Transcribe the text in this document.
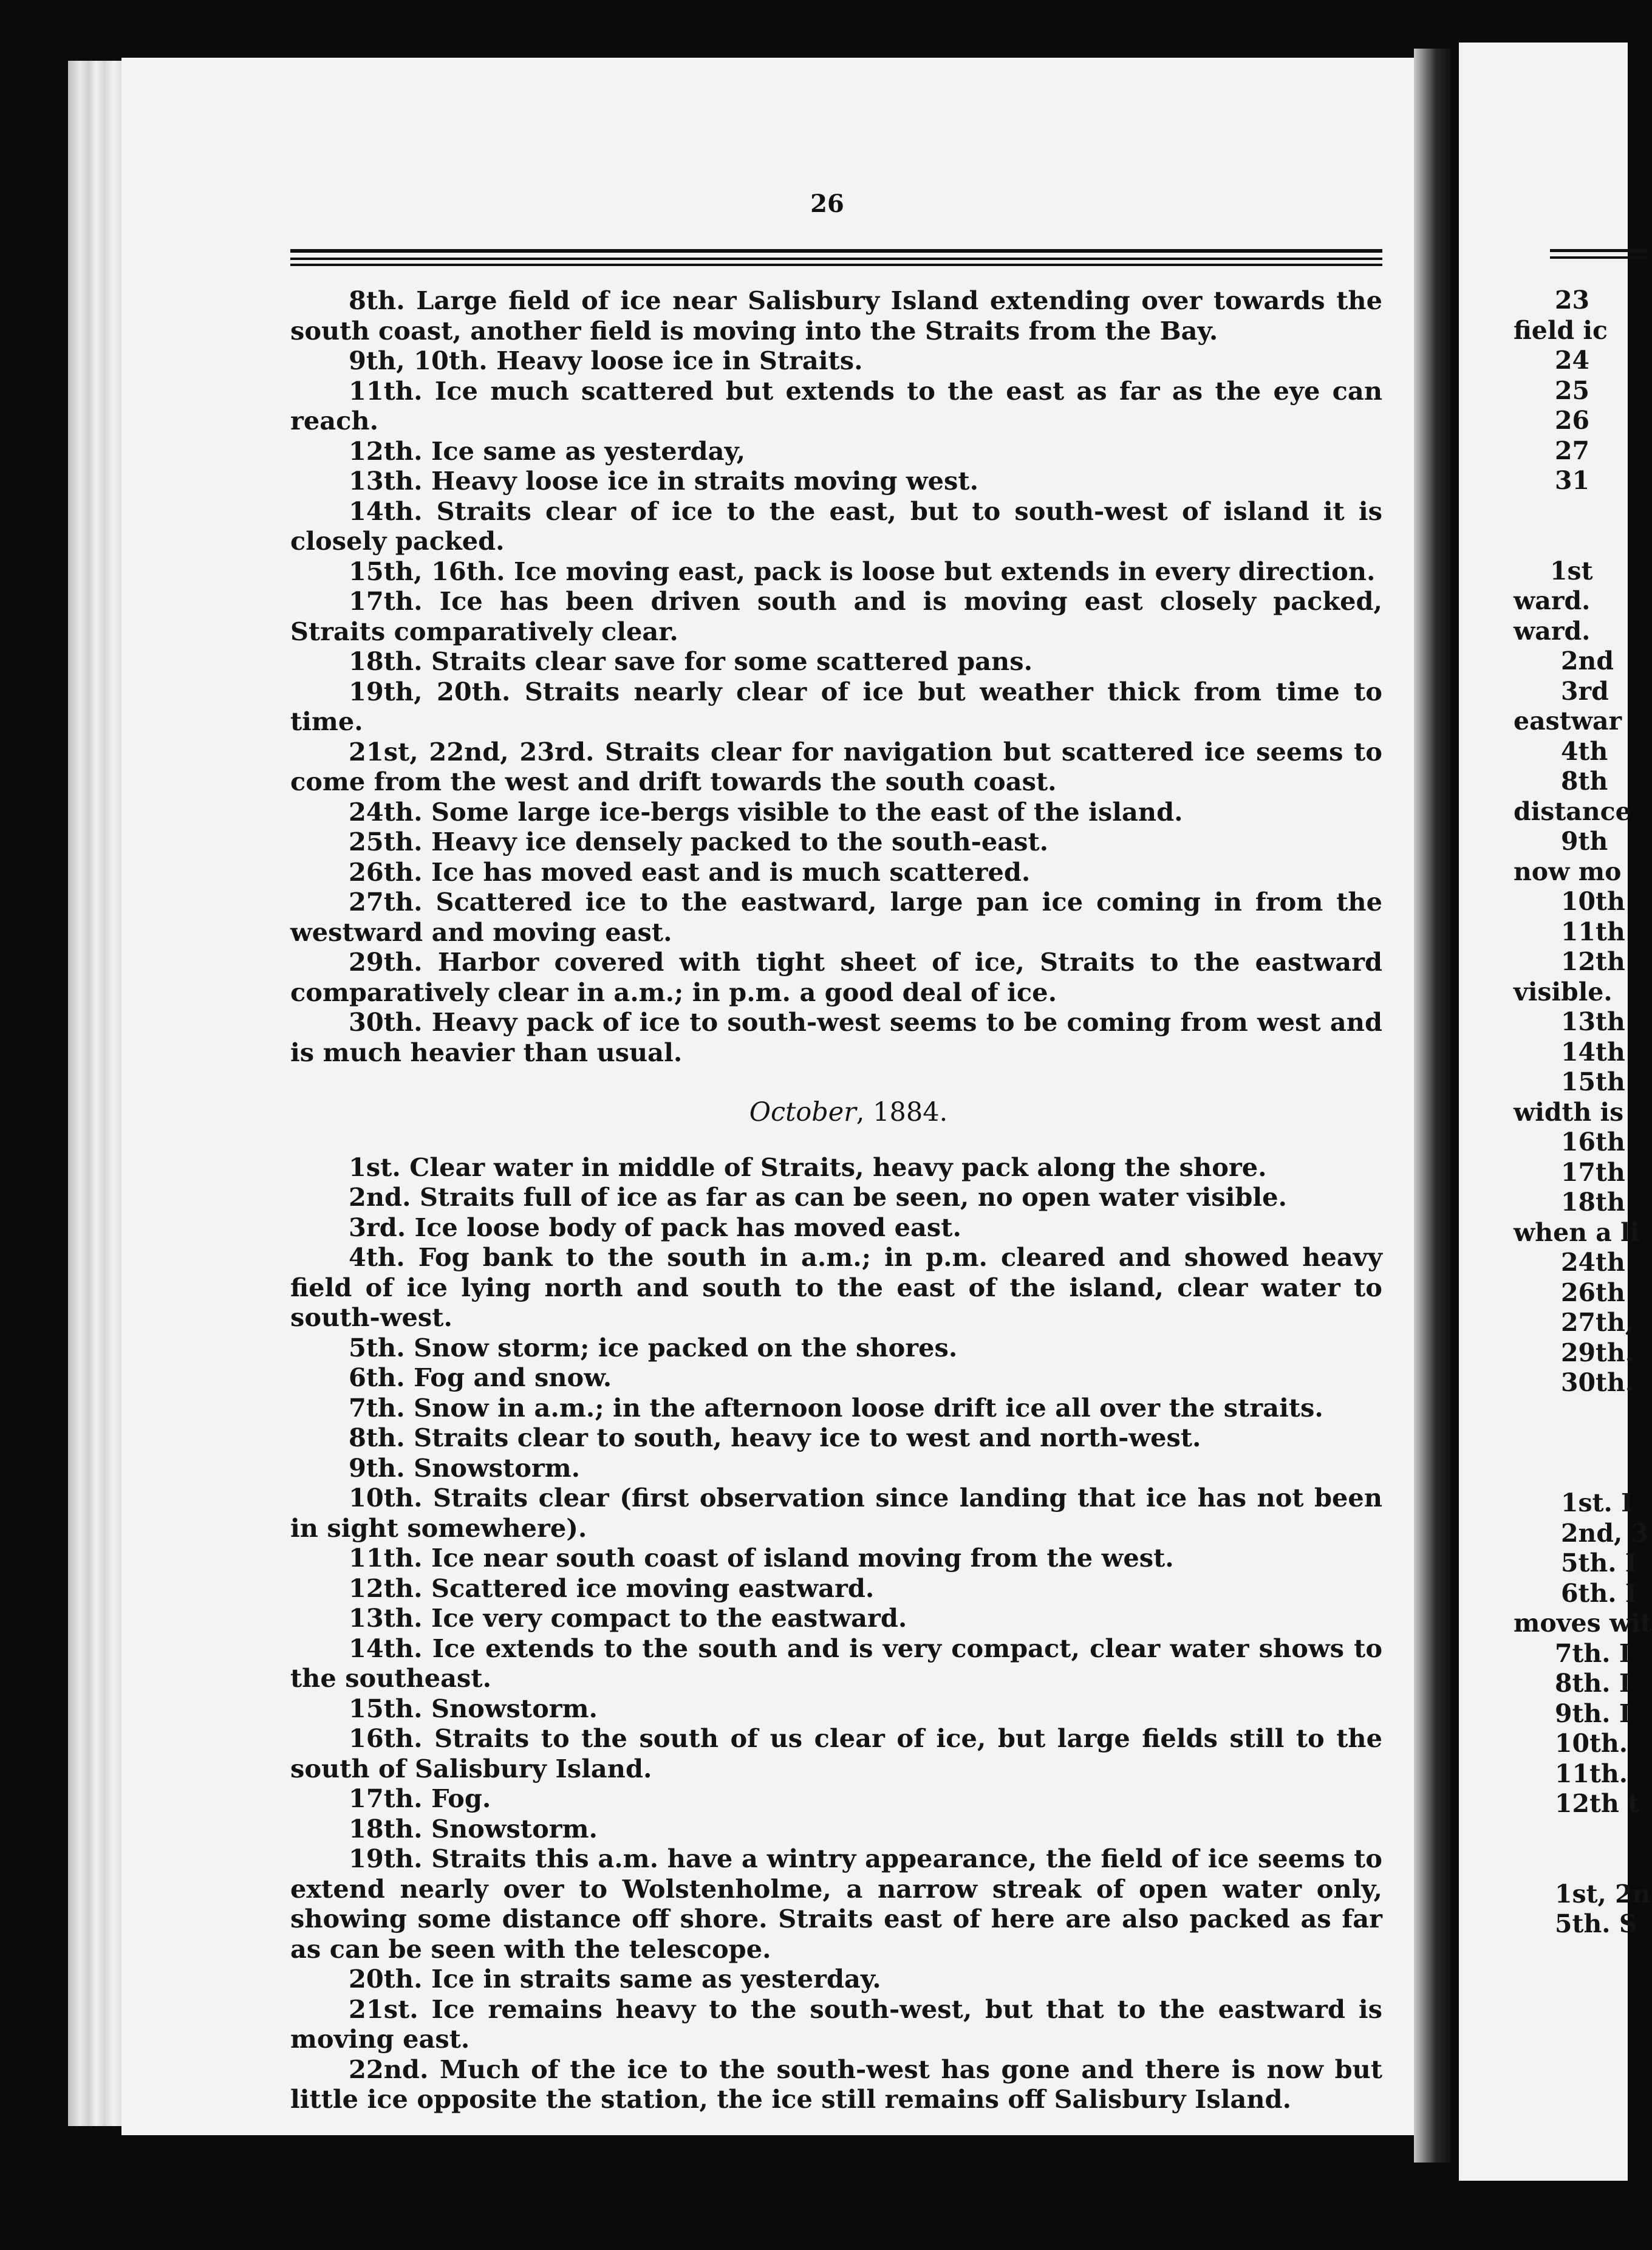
26

8th. Large field of ice near Salisbury Island extending over towards the south coast, another field is moving into the Straits from the Bay.

9th, 10th. Heavy loose ice in Straits.

11th. Ice much scattered but extends to the east as far as the eye can reach.

12th. Ice same as yesterday,

13th. Heavy loose ice in straits moving west.

14th. Straits clear of ice to the east, but to south-west of island it is closely packed.

15th, 16th. Ice moving east, pack is loose but extends in every direction.

17th. Ice has been driven south and is moving east closely packed, Straits comparatively clear.

18th. Straits clear save for some scattered pans.

19th, 20th. Straits nearly clear of ice but weather thick from time to time.

21st, 22nd, 23rd. Straits clear for navigation but scattered ice seems to come from the west and drift towards the south coast.

24th. Some large ice-bergs visible to the east of the island.

25th. Heavy ice densely packed to the south-east.

26th. Ice has moved east and is much scattered.

27th. Scattered ice to the eastward, large pan ice coming in from the westward and moving east.

29th. Harbor covered with tight sheet of ice, Straits to the eastward comparatively clear in a.m.; in p.m. a good deal of ice.

30th. Heavy pack of ice to south-west seems to be coming from west and is much heavier than usual.

October, 1884.

1st. Clear water in middle of Straits, heavy pack along the shore.

2nd. Straits full of ice as far as can be seen, no open water visible.

3rd. Ice loose body of pack has moved east.

4th. Fog bank to the south in a.m.; in p.m. cleared and showed heavy field of ice lying north and south to the east of the island, clear water to south-west.

5th. Snow storm; ice packed on the shores.

6th. Fog and snow.

7th. Snow in a.m.; in the afternoon loose drift ice all over the straits.

8th. Straits clear to south, heavy ice to west and north-west.

9th. Snowstorm.

10th. Straits clear (first observation since landing that ice has not been in sight somewhere).

11th. Ice near south coast of island moving from the west.

12th. Scattered ice moving eastward.

13th. Ice very compact to the eastward.

14th. Ice extends to the south and is very compact, clear water shows to the southeast.

15th. Snowstorm.

16th. Straits to the south of us clear of ice, but large fields still to the south of Salisbury Island.

17th. Fog.

18th. Snowstorm.

19th. Straits this a.m. have a wintry appearance, the field of ice seems to extend nearly over to Wolstenholme, a narrow streak of open water only, showing some distance off shore. Straits east of here are also packed as far as can be seen with the telescope.

20th. Ice in straits same as yesterday.

21st. Ice remains heavy to the south-west, but that to the eastward is moving east.

22nd. Much of the ice to the south-west has gone and there is now but little ice opposite the station, the ice still remains off Salisbury Island.

23
field ic
24
25
26
27
31
1st
ward.
ward.
2nd
3rd
eastwar
4th
8th
distance
9th
now mo
10th
11th
12th
visible.
13th
14th
15th
width is
16th
17th
18th
when a li
24th
26th
27th,
29th.
30th.
1st. I
2nd, 3
5th. I
6th. I
moves wit
7th. I
8th. I
9th. I
10th.
11th.
12th t
1st, 2n
5th. S
